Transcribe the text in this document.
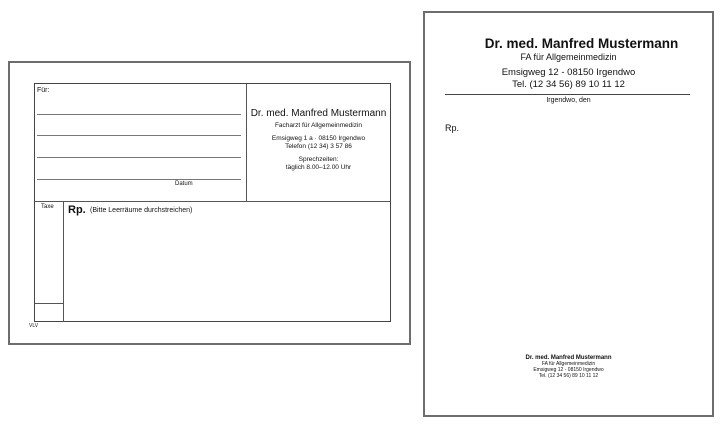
Für:
Datum
Dr. med. Manfred Mustermann
Facharzt für Allgemeinmedizin
Emsigweg 1 a · 08150 Irgendwo
Telefon (12 34) 3 57 86
Sprechzeiten:
täglich 8.00–12.00 Uhr
Taxe Rp. (Bitte Leerräume durchstreichen)
VLV
Dr. med. Manfred Mustermann
FA für Allgemeinmedizin
Emsigweg 12 - 08150 Irgendwo
Tel. (12 34 56) 89 10 11 12
Irgendwo, den
Rp.
Dr. med. Manfred Mustermann
FA für Allgemeinmedizin
Emsigweg 12 - 08150 Irgendwo
Tel. (12 34 56) 89 10 11 12
